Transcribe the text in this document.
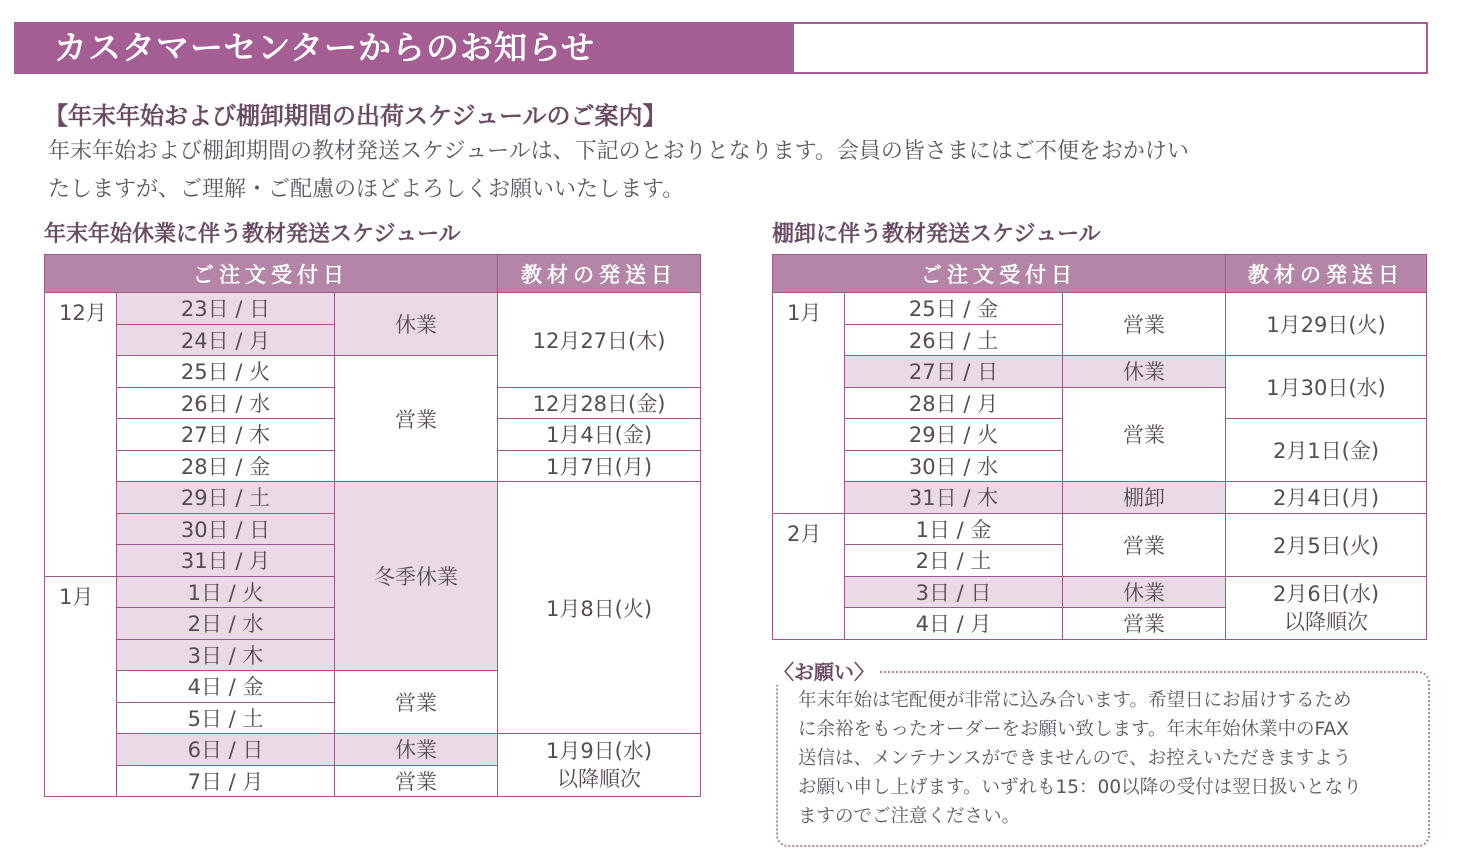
カスタマーセンターからのお知らせ
【年末年始および棚卸期間の出荷スケジュールのご案内】
年末年始および棚卸期間の教材発送スケジュールは、下記のとおりとなります。会員の皆さまにはご不便をおかけい
たしますが、ご理解・ご配慮のほどよろしくお願いいたします。
年末年始休業に伴う教材発送スケジュール
ご注文受付日			教材の発送日
12月	23日 / 日	休業	12月27日(木)
	24日 / 月		
	25日 / 火	営業	
	26日 / 水		12月28日(金)
	27日 / 木		1月4日(金)
	28日 / 金		1月7日(月)
	29日 / 土	冬季休業	1月8日(火)
	30日 / 日		
	31日 / 月		
1月	1日 / 火		
	2日 / 水		
	3日 / 木		
	4日 / 金	営業	
	5日 / 土		
	6日 / 日	休業	1月9日(水)
以降順次

	7日 / 月	営業	
棚卸に伴う教材発送スケジュール
ご注文受付日			教材の発送日
1月	25日 / 金	営業	1月29日(火)
	26日 / 土		
	27日 / 日	休業	1月30日(水)
	28日 / 月	営業	
	29日 / 火		2月1日(金)
	30日 / 水		
	31日 / 木	棚卸	2月4日(月)
2月	1日 / 金	営業	2月5日(火)
	2日 / 土		
	3日 / 日	休業	2月6日(水)
以降順次

	4日 / 月	営業	
〈お願い〉
年末年始は宅配便が非常に込み合います。希望日にお届けするため
に余裕をもったオーダーをお願い致します。年末年始休業中のFAX
送信は、メンテナンスができませんので、お控えいただきますよう
お願い申し上げます。いずれも15：00以降の受付は翌日扱いとなり
ますのでご注意ください。
